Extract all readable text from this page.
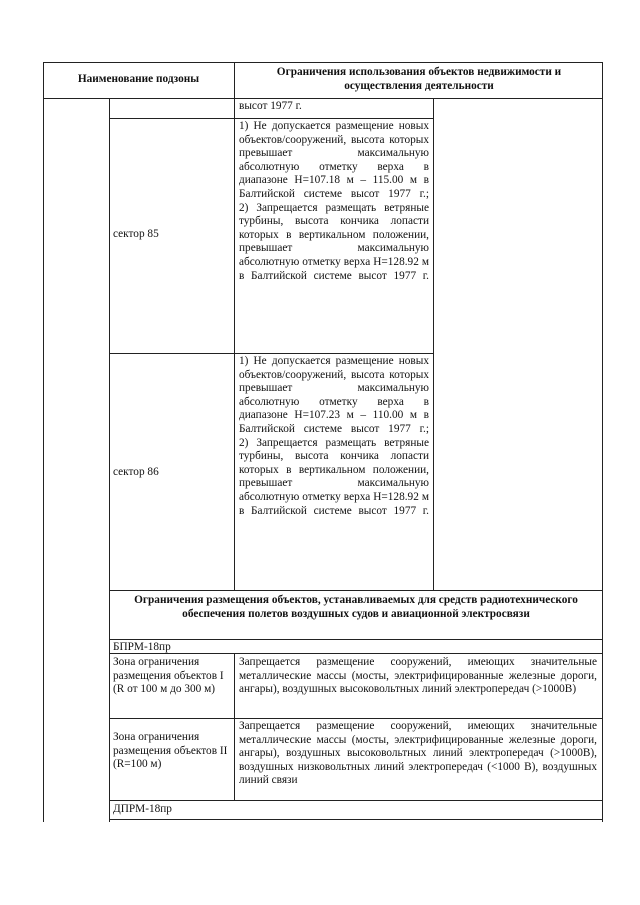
Наименование подзоны
Ограничения использования объектов недвижимости и осуществления деятельности
высот 1977 г.
сектор 85
1) Не допускается размещение новых объектов/сооружений, высота которых превышает максимальную абсолютную отметку верха в диапазоне H=107.18 м – 115.00 м в Балтийской системе высот 1977 г.;
2) Запрещается размещать ветряные турбины, высота кончика лопасти которых в вертикальном положении, превышает максимальную абсолютную отметку верха H=128.92 м в Балтийской системе высот 1977 г.
сектор 86
1) Не допускается размещение новых объектов/сооружений, высота которых превышает максимальную абсолютную отметку верха в диапазоне H=107.23 м – 110.00 м в Балтийской системе высот 1977 г.;
2) Запрещается размещать ветряные турбины, высота кончика лопасти которых в вертикальном положении, превышает максимальную абсолютную отметку верха H=128.92 м в Балтийской системе высот 1977 г.
Ограничения размещения объектов, устанавливаемых для средств радиотехнического обеспечения полетов воздушных судов и авиационной электросвязи
БПРМ-18пр
Зона ограничения размещения объектов I (R от 100 м до 300 м)
Запрещается размещение сооружений, имеющих значительные металлические массы (мосты, электрифицированные железные дороги, ангары), воздушных высоковольтных линий электропередач (>1000В)
Зона ограничения размещения объектов II (R=100 м)
Запрещается размещение сооружений, имеющих значительные металлические массы (мосты, электрифицированные железные дороги, ангары), воздушных высоковольтных линий электропередач (>1000В), воздушных низковольтных линий электропередач (<1000 В), воздушных линий связи
ДПРМ-18пр
